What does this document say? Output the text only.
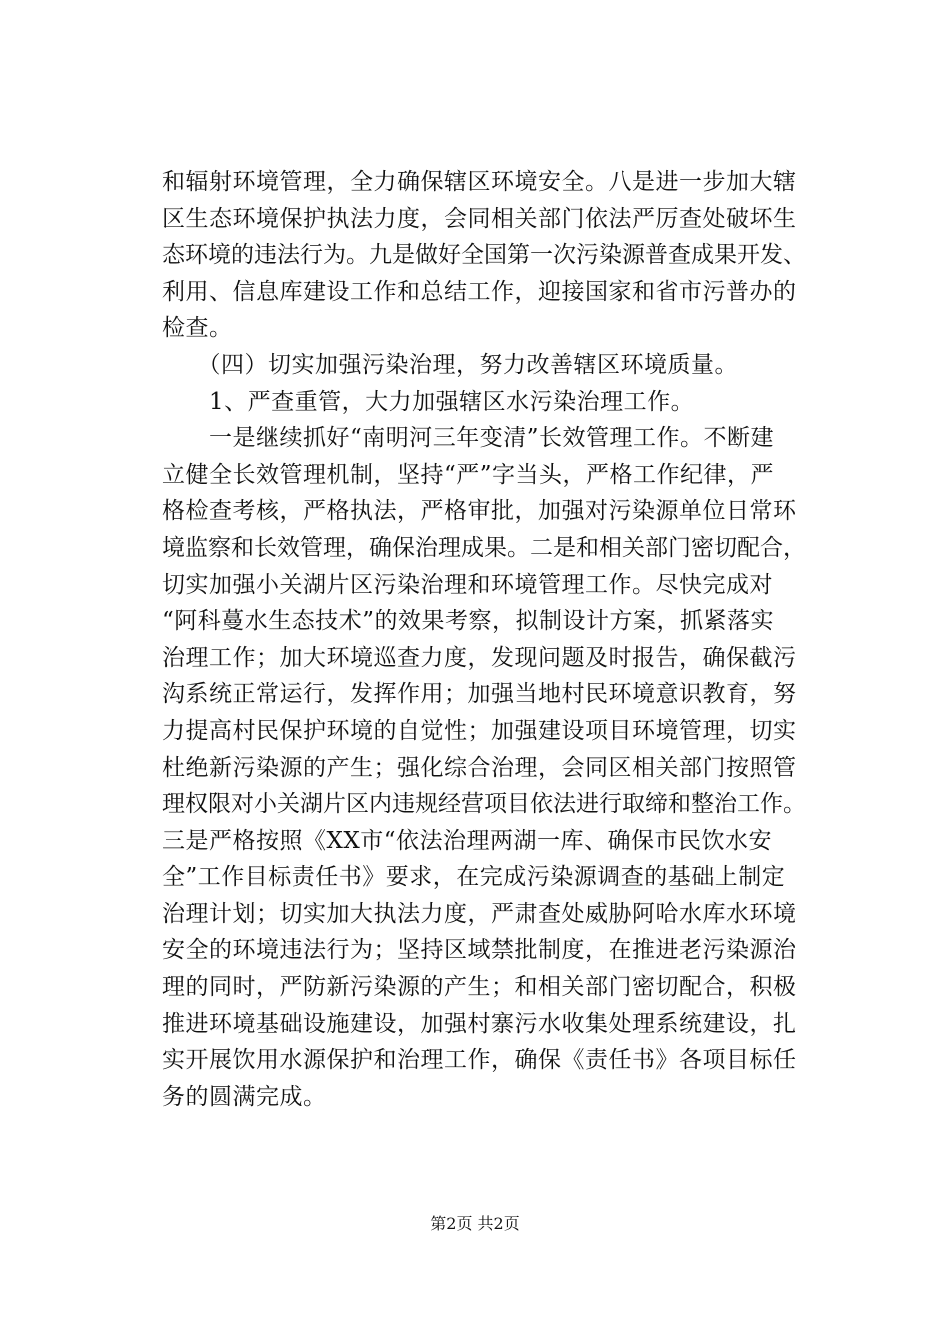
和辐射环境管理，全力确保辖区环境安全。八是进一步加大辖
区生态环境保护执法力度，会同相关部门依法严厉查处破坏生
态环境的违法行为。九是做好全国第一次污染源普查成果开发、
利用、信息库建设工作和总结工作，迎接国家和省市污普办的
检查。
　　（四）切实加强污染治理，努力改善辖区环境质量。
　　1、严查重管，大力加强辖区水污染治理工作。
　　一是继续抓好“南明河三年变清”长效管理工作。不断建
立健全长效管理机制，坚持“严”字当头，严格工作纪律，严
格检查考核，严格执法，严格审批，加强对污染源单位日常环
境监察和长效管理，确保治理成果。二是和相关部门密切配合，
切实加强小关湖片区污染治理和环境管理工作。尽快完成对
“阿科蔓水生态技术”的效果考察，拟制设计方案，抓紧落实
治理工作；加大环境巡查力度，发现问题及时报告，确保截污
沟系统正常运行，发挥作用；加强当地村民环境意识教育，努
力提高村民保护环境的自觉性；加强建设项目环境管理，切实
杜绝新污染源的产生；强化综合治理，会同区相关部门按照管
理权限对小关湖片区内违规经营项目依法进行取缔和整治工作。
三是严格按照《XX市“依法治理两湖一库、确保市民饮水安
全”工作目标责任书》要求，在完成污染源调查的基础上制定
治理计划；切实加大执法力度，严肃查处威胁阿哈水库水环境
安全的环境违法行为；坚持区域禁批制度，在推进老污染源治
理的同时，严防新污染源的产生；和相关部门密切配合，积极
推进环境基础设施建设，加强村寨污水收集处理系统建设，扎
实开展饮用水源保护和治理工作，确保《责任书》各项目标任
务的圆满完成。
第2页 共2页
